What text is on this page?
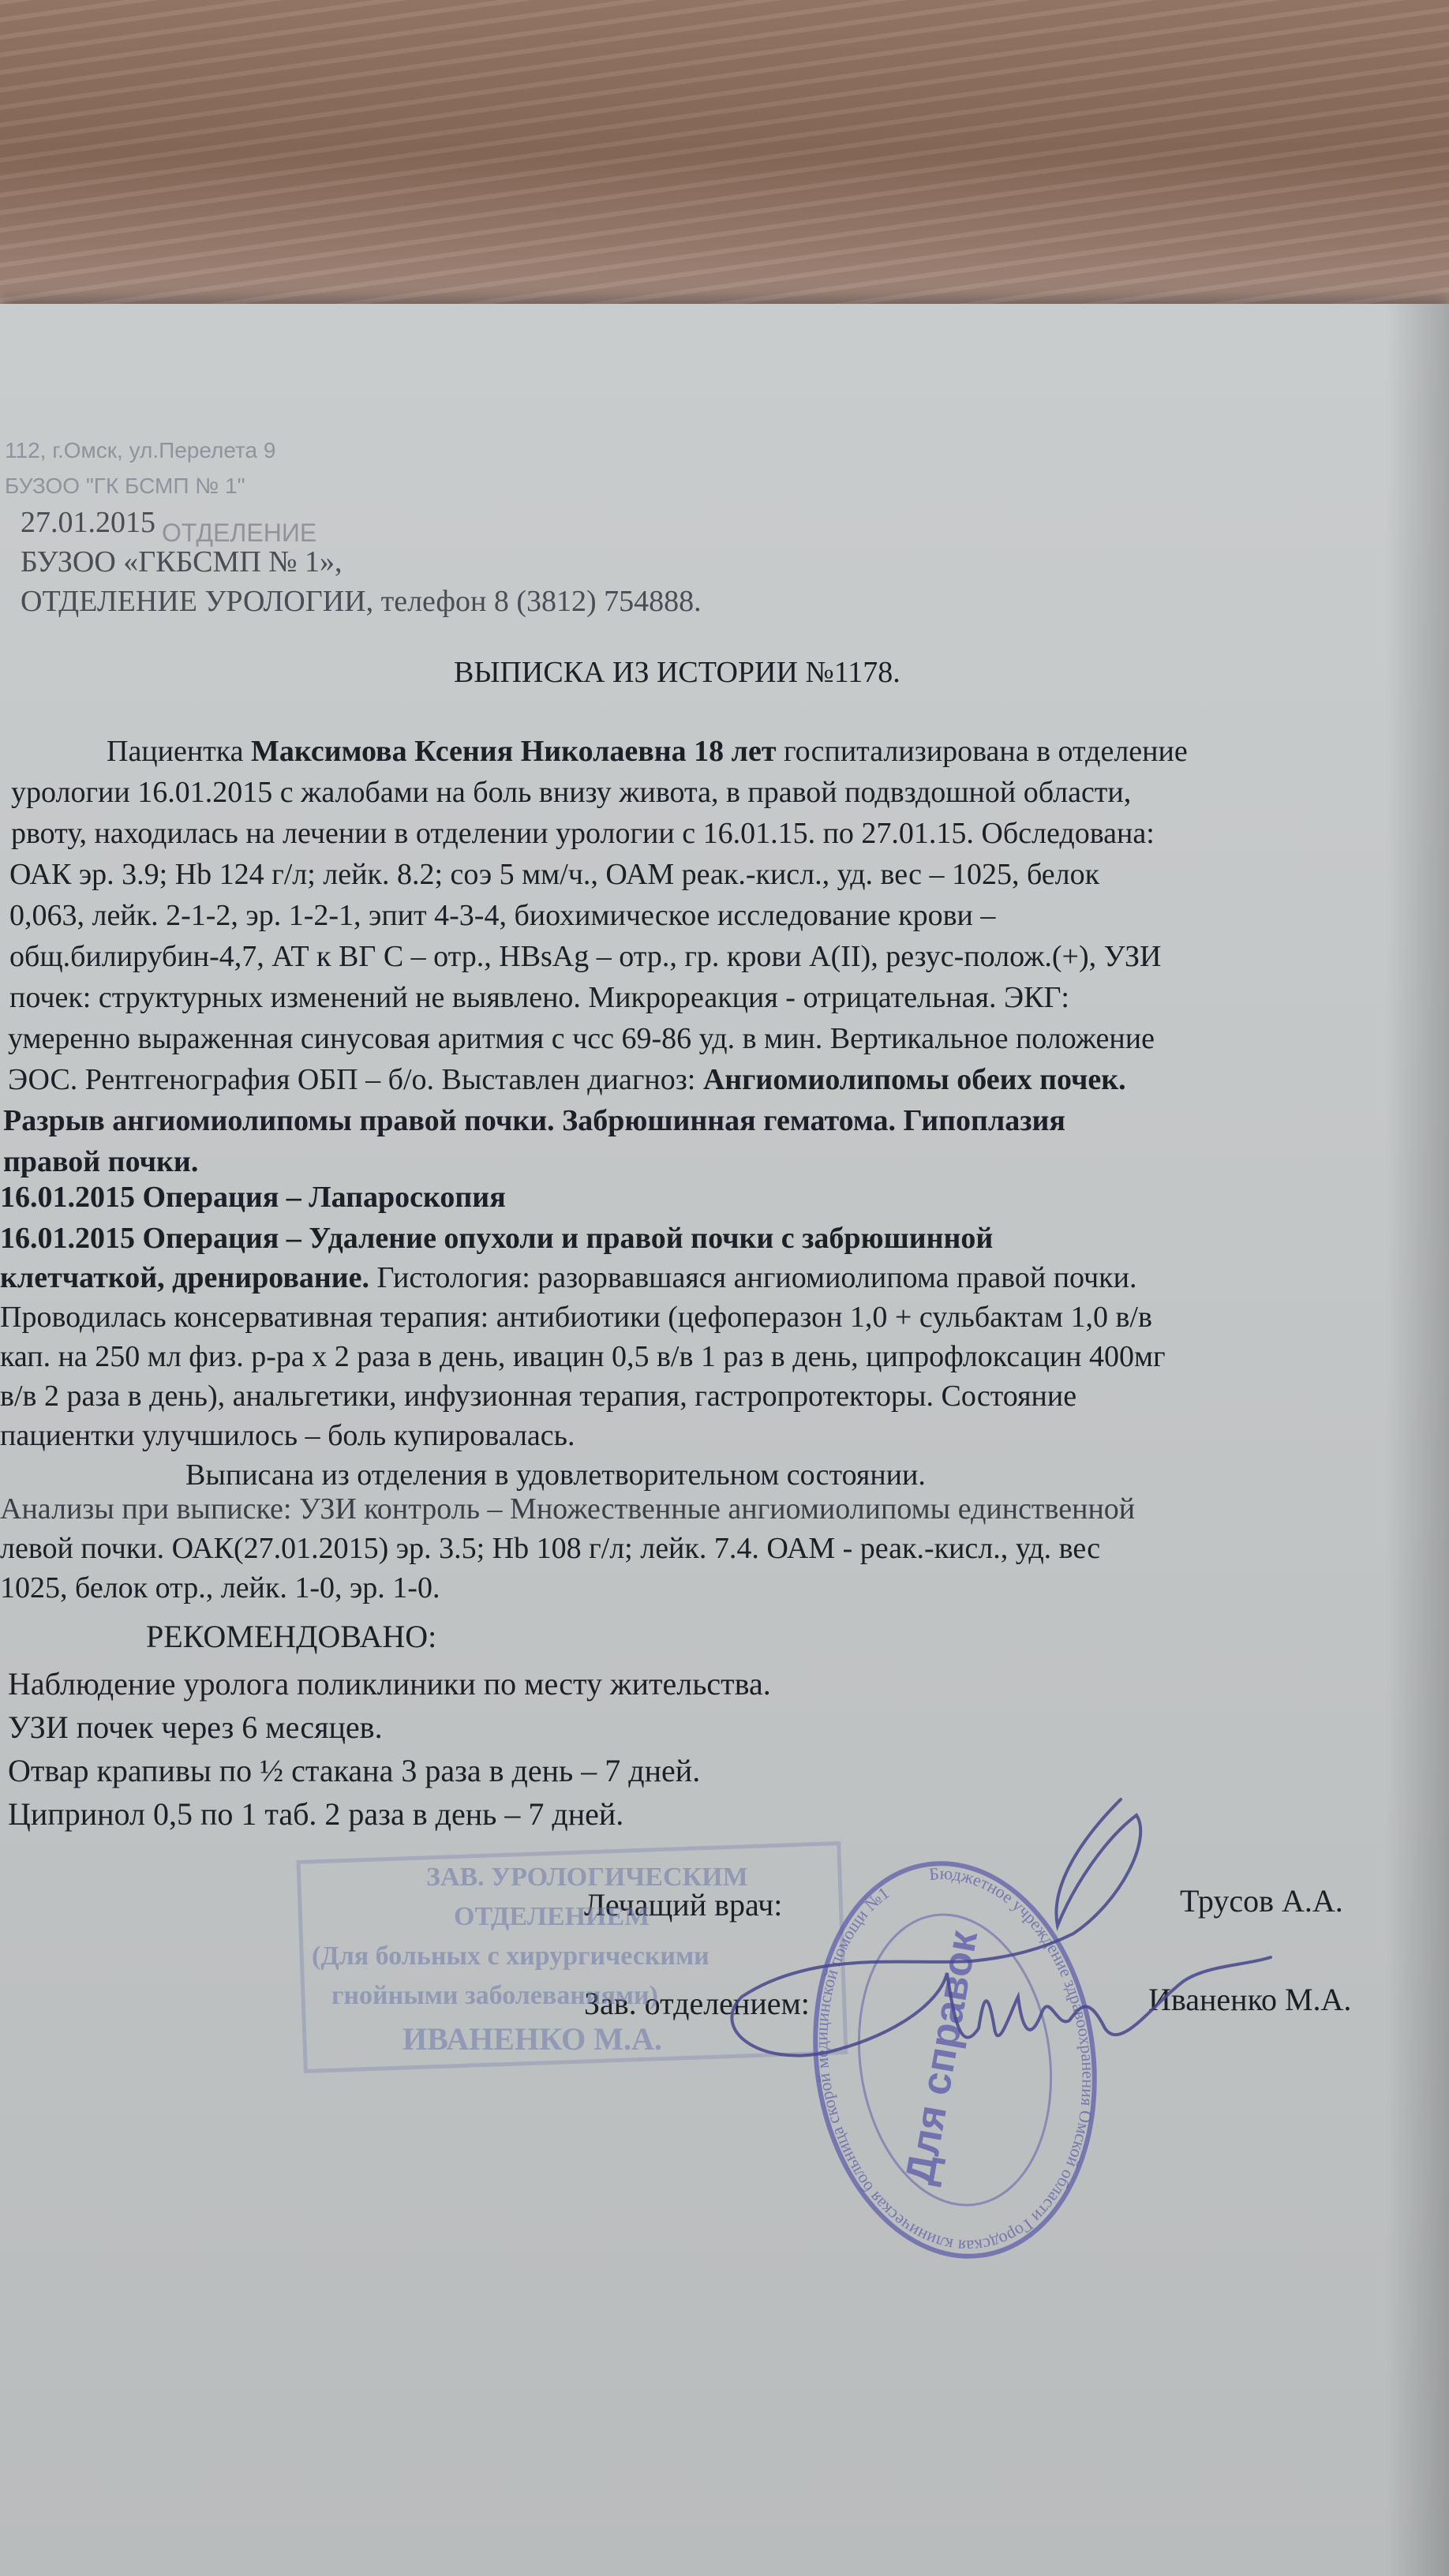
112, г.Омск, ул.Перелета 9
БУЗОО "ГК БСМП № 1"
ОТДЕЛЕНИЕ
27.01.2015
БУЗОО «ГКБСМП № 1»,
ОТДЕЛЕНИЕ УРОЛОГИИ, телефон 8 (3812) 754888.
ВЫПИСКА ИЗ ИСТОРИИ №1178.
Пациентка Максимова Ксения Николаевна 18 лет госпитализирована в отделение
урологии 16.01.2015 с жалобами на боль внизу живота, в правой подвздошной области,
рвоту, находилась на лечении в отделении урологии с 16.01.15. по 27.01.15. Обследована:
ОАК эр. 3.9; Hb 124 г/л; лейк. 8.2; соэ 5 мм/ч., ОАМ реак.-кисл., уд. вес – 1025, белок
0,063, лейк. 2-1-2, эр. 1-2-1, эпит 4-3-4, биохимическое исследование крови –
общ.билирубин-4,7, АТ к ВГ С – отр., HBsAg – отр., гр. крови А(II), резус-полож.(+), УЗИ
почек: структурных изменений не выявлено. Микрореакция - отрицательная. ЭКГ:
умеренно выраженная синусовая аритмия с чсс 69-86 уд. в мин. Вертикальное положение
ЭОС. Рентгенография ОБП – б/о. Выставлен диагноз: Ангиомиолипомы обеих почек.
Разрыв ангиомиолипомы правой почки. Забрюшинная гематома. Гипоплазия
правой почки.
16.01.2015 Операция – Лапароскопия
16.01.2015 Операция – Удаление опухоли и правой почки с забрюшинной
клетчаткой, дренирование. Гистология: разорвавшаяся ангиомиолипома правой почки.
Проводилась консервативная терапия: антибиотики (цефоперазон 1,0 + сульбактам 1,0 в/в
кап. на 250 мл физ. р-ра х 2 раза в день, ивацин 0,5 в/в 1 раз в день, ципрофлоксацин 400мг
в/в 2 раза в день), анальгетики, инфузионная терапия, гастропротекторы. Состояние
пациентки улучшилось – боль купировалась.
Выписана из отделения в удовлетворительном состоянии.
Анализы при выписке: УЗИ контроль – Множественные ангиомиолипомы единственной
левой почки. ОАК(27.01.2015) эр. 3.5; Hb 108 г/л; лейк. 7.4. ОАМ - реак.-кисл., уд. вес
1025, белок отр., лейк. 1-0, эр. 1-0.
РЕКОМЕНДОВАНО:
Наблюдение уролога поликлиники по месту жительства.
УЗИ почек через 6 месяцев.
Отвар крапивы по ½ стакана 3 раза в день – 7 дней.
Ципринол 0,5 по 1 таб. 2 раза в день – 7 дней.
Лечащий врач:	Трусов А.А.
Зав. отделением:	Иваненко М.А.
ЗАВ. УРОЛОГИЧЕСКИМ
ОТДЕЛЕНИЕМ
(Для больных с хирургическими
гнойными заболеваниями)
ИВАНЕНКО М.А.
Бюджетное учреждение здравоохранения Омской области Городская клиническая больница скорой медицинской помощи №1
Для справок
